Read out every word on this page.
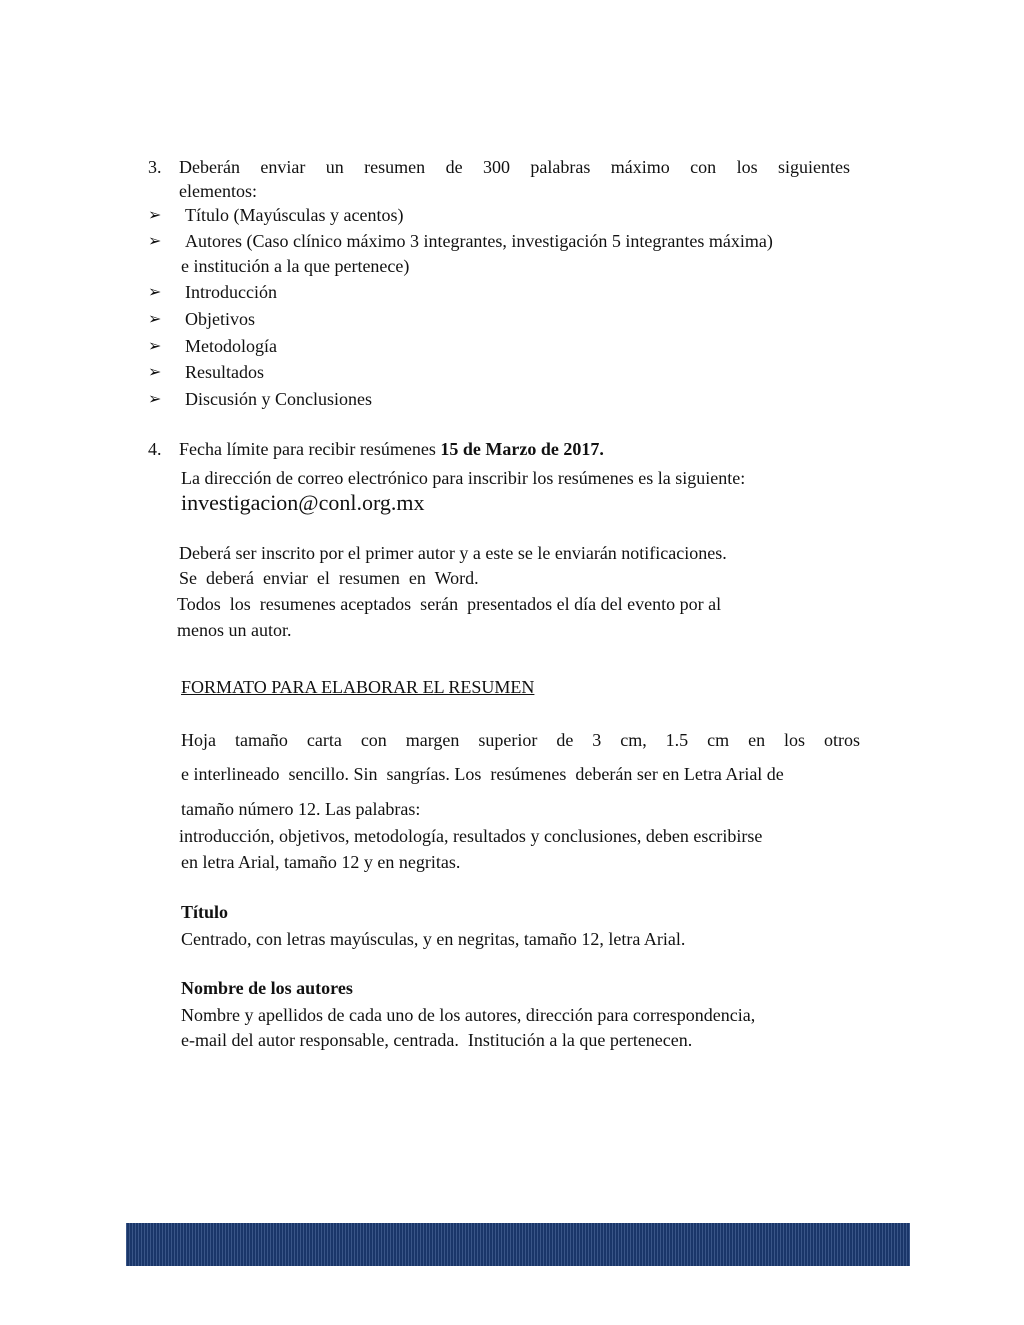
3. Deberán enviar un resumen de 300 palabras máximo con los siguientes
elementos:
➢ Título (Mayúsculas y acentos)
➢ Autores (Caso clínico máximo 3 integrantes, investigación 5 integrantes máxima)
e institución a la que pertenece)
➢ Introducción
➢ Objetivos
➢ Metodología
➢ Resultados
➢ Discusión y Conclusiones
4. Fecha límite para recibir resúmenes 15 de Marzo de 2017.
La dirección de correo electrónico para inscribir los resúmenes es la siguiente:
investigacion@conl.org.mx
Deberá ser inscrito por el primer autor y a este se le enviarán notificaciones.
Se  deberá  enviar  el  resumen  en  Word.
Todos  los  resumenes aceptados  serán  presentados el día del evento por al
menos un autor.
FORMATO PARA ELABORAR EL RESUMEN
Hoja tamaño carta con margen superior de 3 cm, 1.5 cm en los otros
e interlineado  sencillo. Sin  sangrías. Los  resúmenes  deberán ser en Letra Arial de
tamaño número 12. Las palabras:
introducción, objetivos, metodología, resultados y conclusiones, deben escribirse
en letra Arial, tamaño 12 y en negritas.
Título
Centrado, con letras mayúsculas, y en negritas, tamaño 12, letra Arial.
Nombre de los autores
Nombre y apellidos de cada uno de los autores, dirección para correspondencia,
e-mail del autor responsable, centrada.  Institución a la que pertenecen.
